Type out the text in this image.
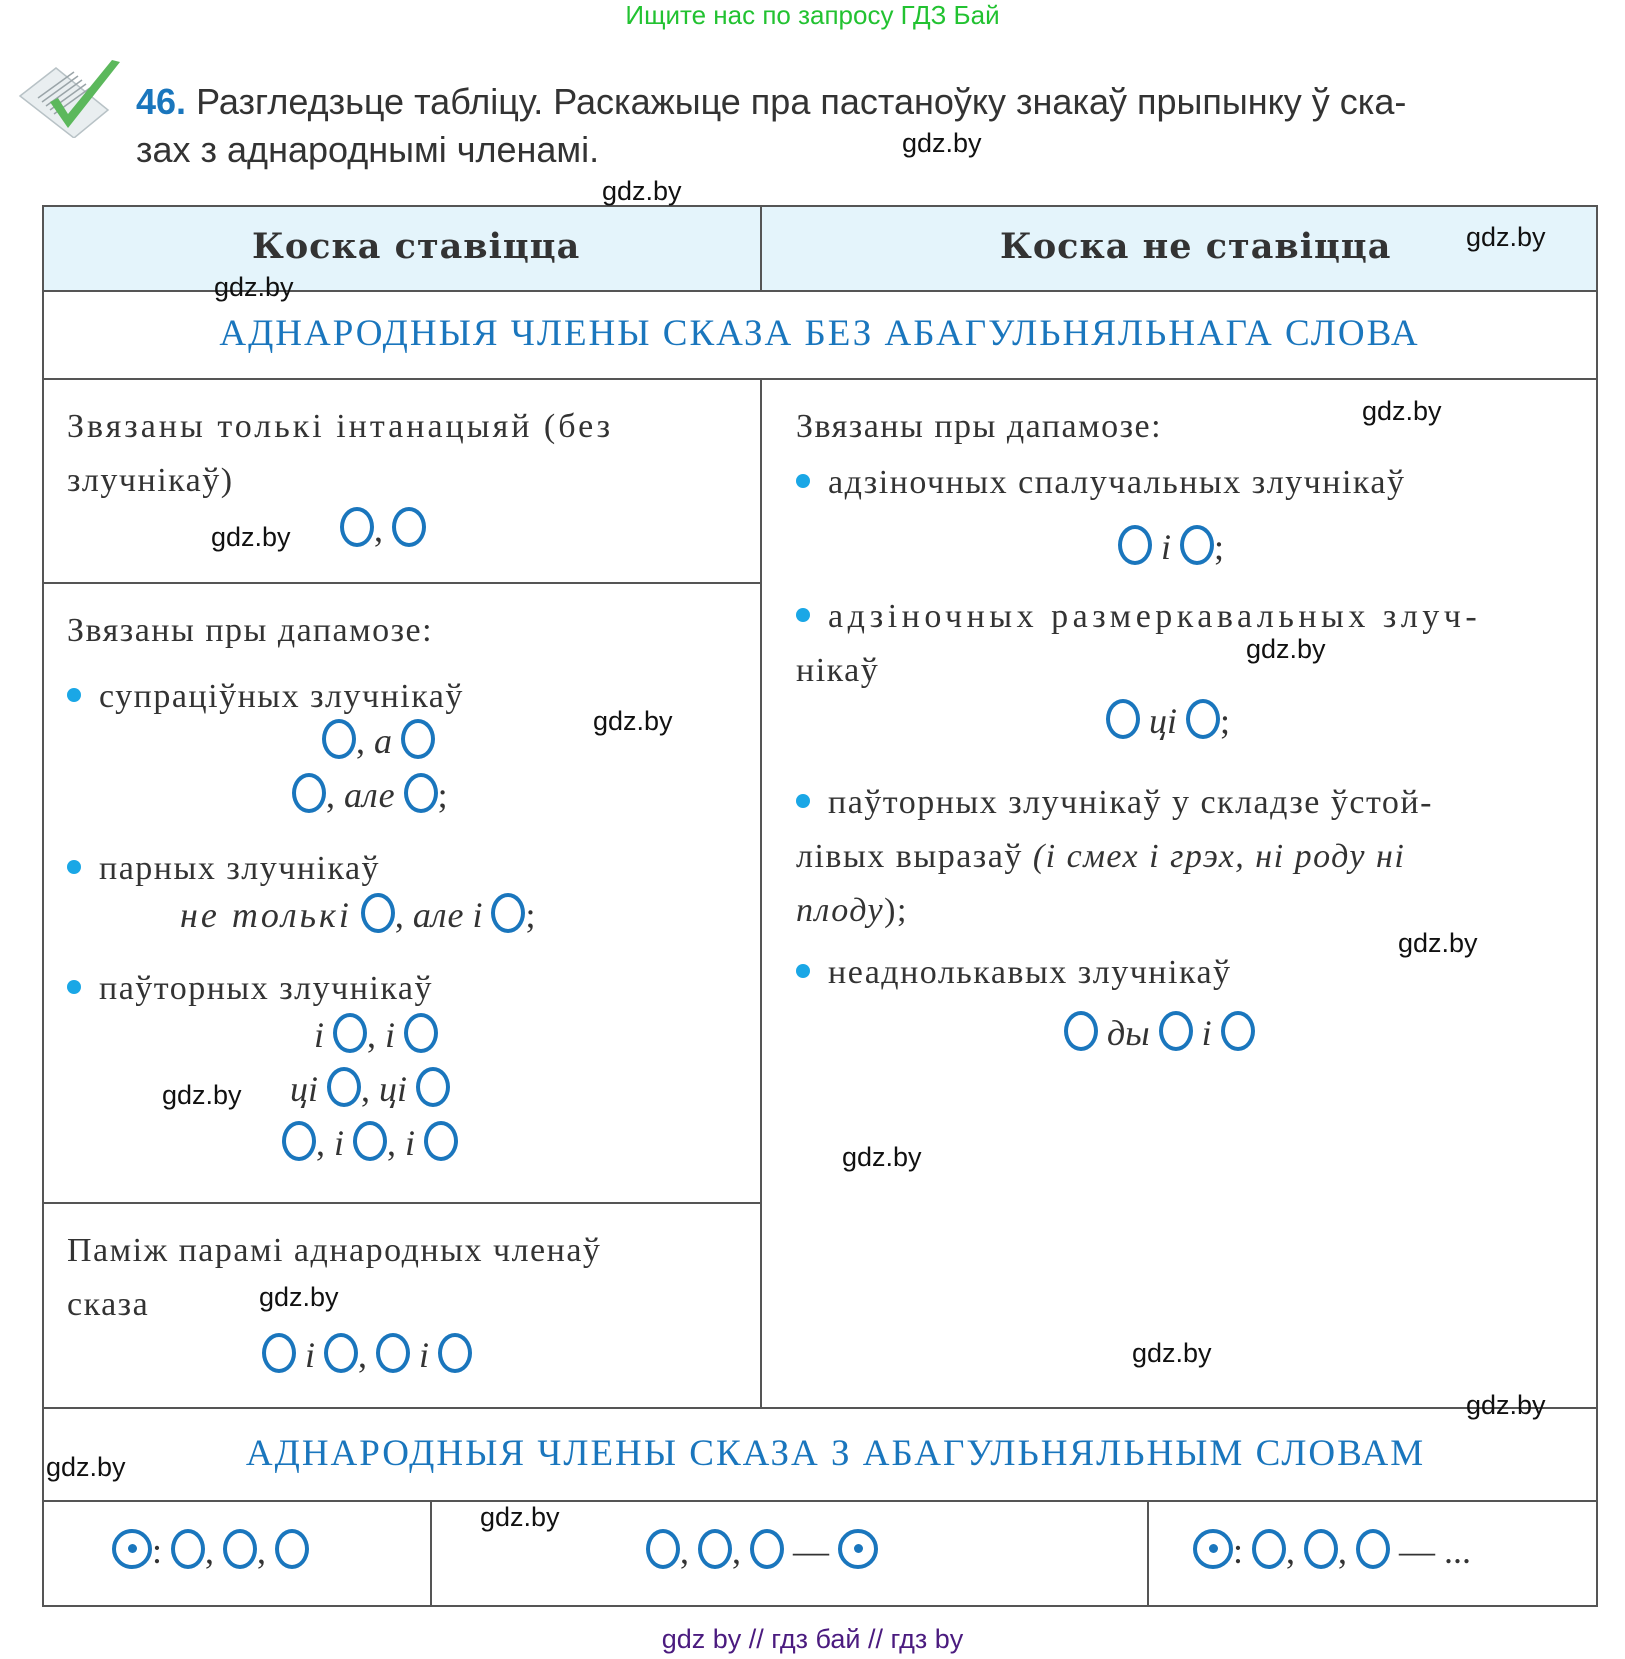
Ищите нас по запросу ГДЗ Бай
46. Разгледзьце табліцу. Раскажыце пра пастаноўку знакаў прыпынку ў ска-
зах з аднароднымі членамі.
Коска ставіцца	Коска не ставіцца
АДНАРОДНЫЯ ЧЛЕНЫ СКАЗА БЕЗ АБАГУЛЬНЯЛЬНАГА СЛОВА
Звязаны толькі інтанацыяй (без
злучнікаў)
,
Звязаны пры дапамозе:
супраціўных злучнікаў
, а
, але ;
парных злучнікаў
не толькі , але і ;
паўторных злучнікаў
і , і
ці , ці
, і , і
Паміж парамі аднародных членаў
сказа
і , і
Звязаны пры дапамозе:
адзіночных спалучальных злучнікаў
і ;
адзіночных размеркавальных злуч-
нікаў
ці ;
паўторных злучнікаў у складзе ўстой-
лівых выразаў (і смех і грэх, ні роду ні
плоду);
неаднолькавых злучнікаў
ды і
АДНАРОДНЫЯ ЧЛЕНЫ СКАЗА З АБАГУЛЬНЯЛЬНЫМ СЛОВАМ
: , ,	, , —	: , , — ...
gdz.by
gdz.by
gdz.by
gdz.by
gdz.by
gdz.by
gdz.by
gdz.by
gdz.by
gdz.by
gdz.by
gdz.by
gdz.by
gdz.by
gdz.by
gdz.by
gdz by // гдз бай // гдз by
